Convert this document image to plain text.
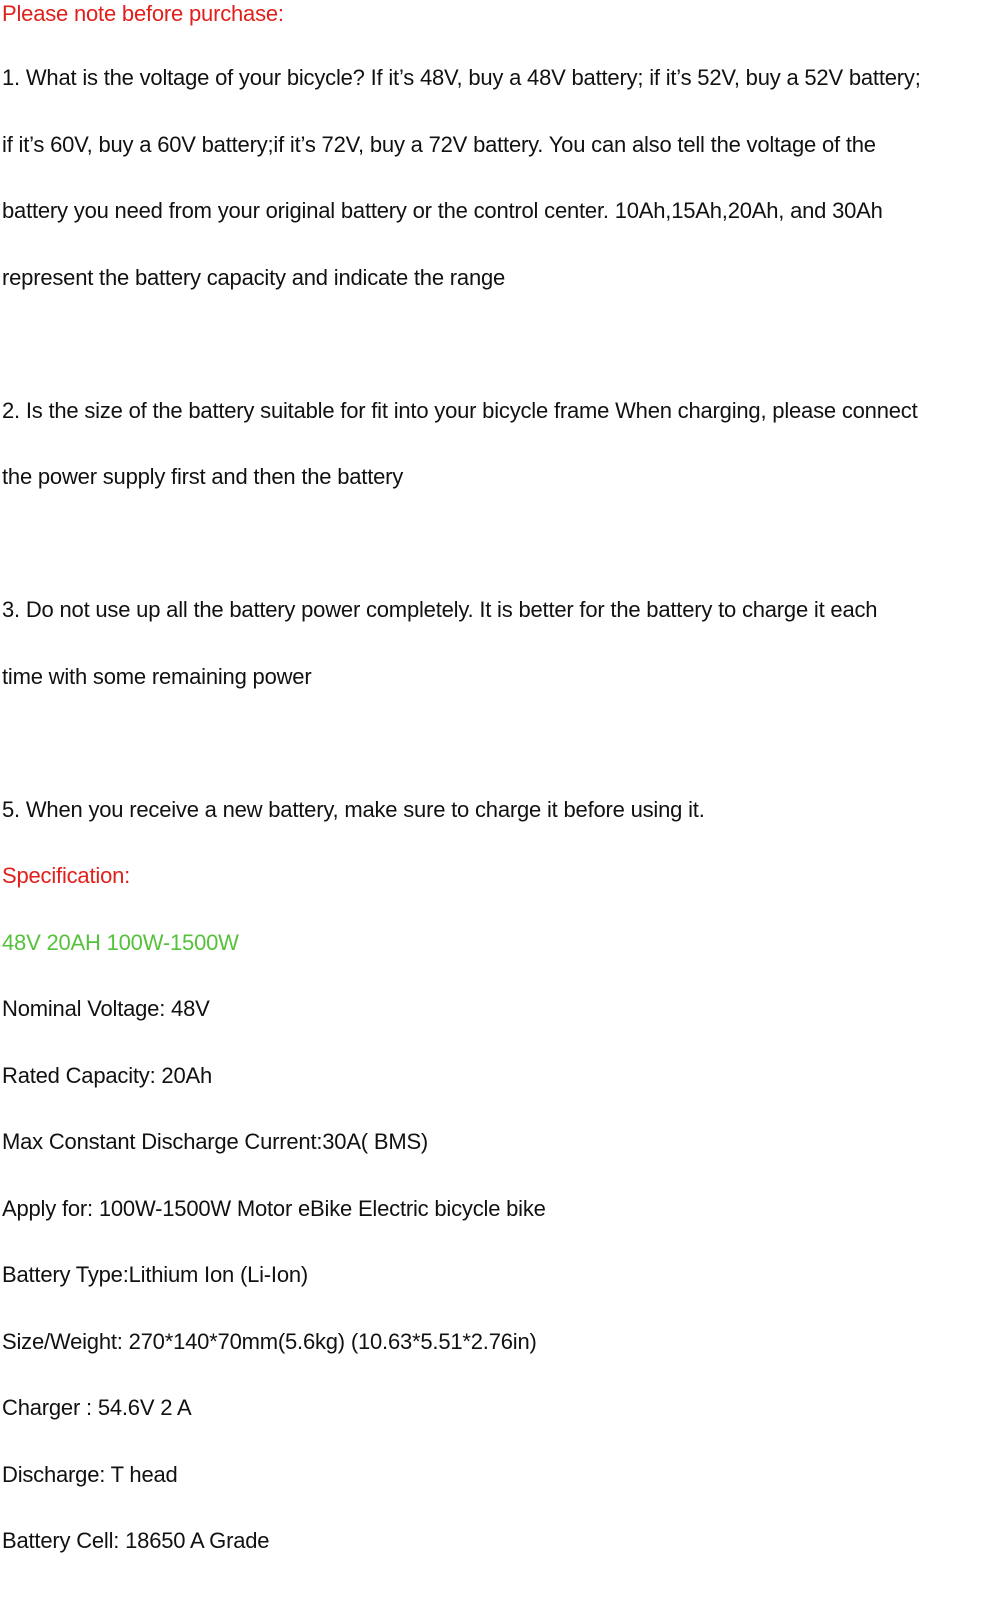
Please note before purchase:
1. What is the voltage of your bicycle? If it’s 48V, buy a 48V battery; if it’s 52V, buy a 52V battery;
if it’s 60V, buy a 60V battery;if it’s 72V, buy a 72V battery. You can also tell the voltage of the
battery you need from your original battery or the control center. 10Ah,15Ah,20Ah, and 30Ah
represent the battery capacity and indicate the range
2. Is the size of the battery suitable for fit into your bicycle frame When charging, please connect
the power supply first and then the battery
3. Do not use up all the battery power completely. It is better for the battery to charge it each
time with some remaining power
5. When you receive a new battery, make sure to charge it before using it.
Specification:
48V 20AH 100W-1500W
Nominal Voltage: 48V
Rated Capacity: 20Ah
Max Constant Discharge Current:30A( BMS)
Apply for: 100W-1500W Motor eBike Electric bicycle bike
Battery Type:Lithium Ion (Li-Ion)
Size/Weight: 270*140*70mm(5.6kg) (10.63*5.51*2.76in)
Charger : 54.6V 2 A
Discharge: T head
Battery Cell: 18650 A Grade
